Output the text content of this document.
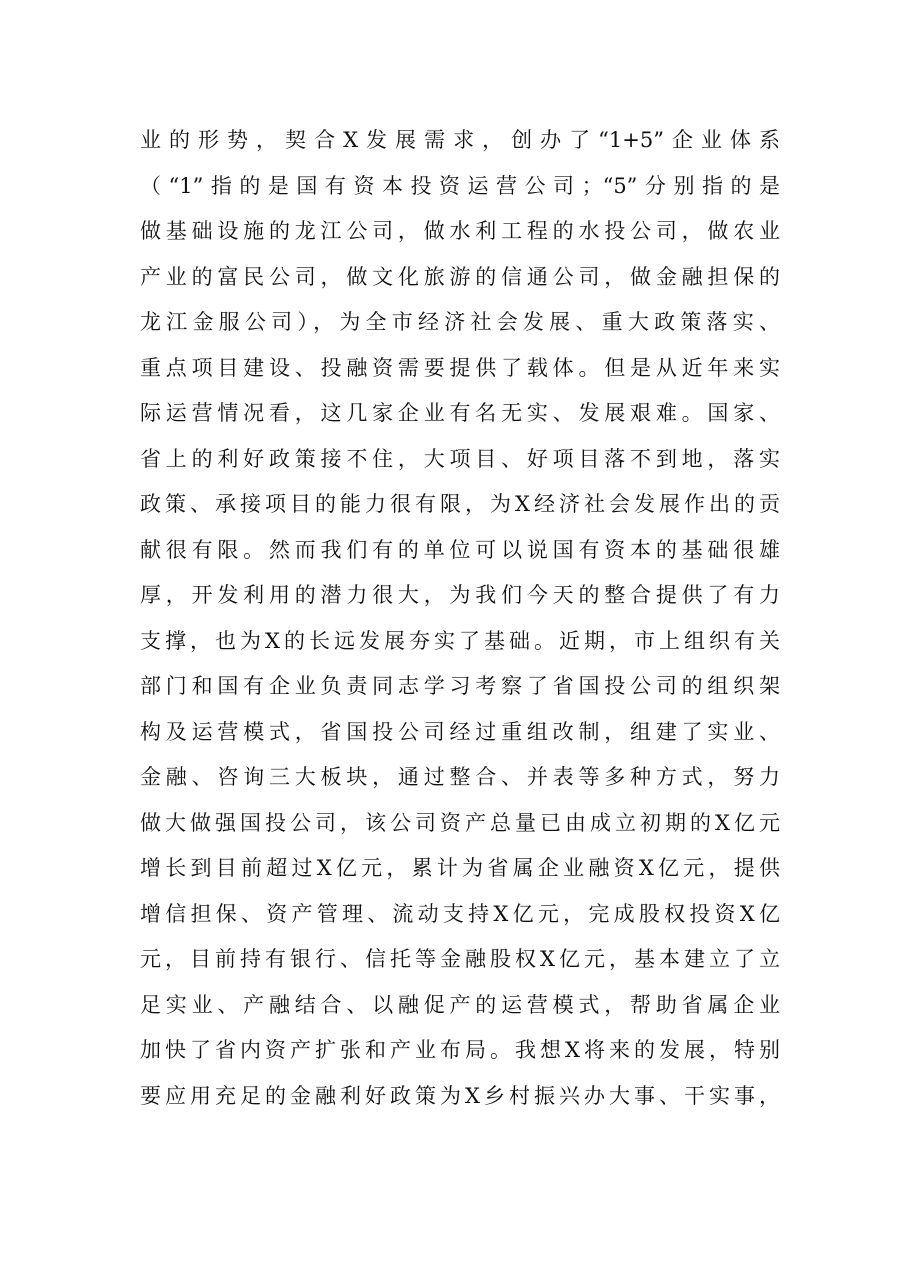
业的形势，契合X发展需求，创办了“1+5”企业体系
（“1”指的是国有资本投资运营公司；“5”分别指的是
做基础设施的龙江公司，做水利工程的水投公司，做农业
产业的富民公司，做文化旅游的信通公司，做金融担保的
龙江金服公司），为全市经济社会发展、重大政策落实、
重点项目建设、投融资需要提供了载体。但是从近年来实
际运营情况看，这几家企业有名无实、发展艰难。国家、
省上的利好政策接不住，大项目、好项目落不到地，落实
政策、承接项目的能力很有限，为X经济社会发展作出的贡
献很有限。然而我们有的单位可以说国有资本的基础很雄
厚，开发利用的潜力很大，为我们今天的整合提供了有力
支撑，也为X的长远发展夯实了基础。近期，市上组织有关
部门和国有企业负责同志学习考察了省国投公司的组织架
构及运营模式，省国投公司经过重组改制，组建了实业、
金融、咨询三大板块，通过整合、并表等多种方式，努力
做大做强国投公司，该公司资产总量已由成立初期的X亿元
增长到目前超过X亿元，累计为省属企业融资X亿元，提供
增信担保、资产管理、流动支持X亿元，完成股权投资X亿
元，目前持有银行、信托等金融股权X亿元，基本建立了立
足实业、产融结合、以融促产的运营模式，帮助省属企业
加快了省内资产扩张和产业布局。我想X将来的发展，特别
要应用充足的金融利好政策为X乡村振兴办大事、干实事，
